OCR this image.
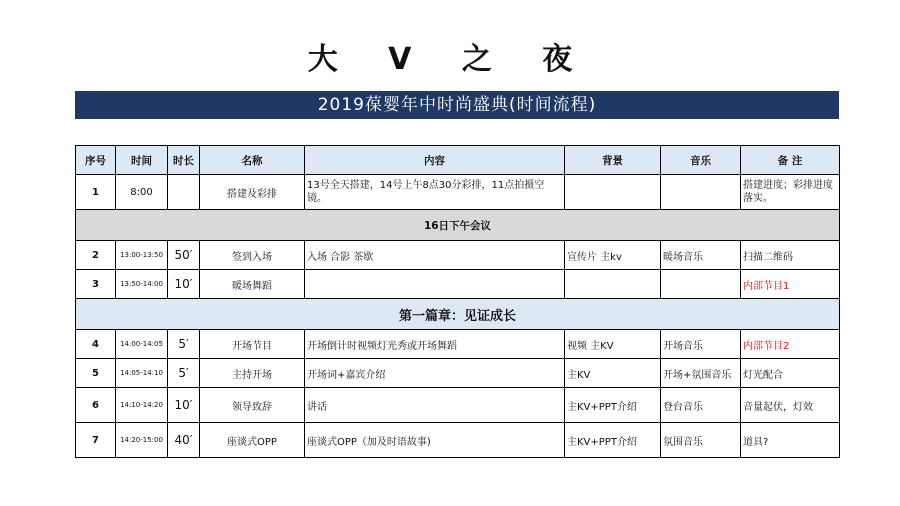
大 V 之 夜
2019葆婴年中时尚盛典(时间流程)
序号	时间	时长	名称	内容	背景	音乐	备 注
1	8:00		搭建及彩排	13号全天搭建，14号上午8点30分彩排，11点拍摄空镜。			搭建进度；彩排进度落实。
16日下午会议							
2	13:00-13:50	50′	签到入场	入场 合影 茶歇	宣传片 主kv	暖场音乐	扫描二维码
3	13:50-14:00	10′	暖场舞蹈				内部节目1
第一篇章：见证成长							
4	14:00-14:05	5′	开场节目	开场倒计时视频灯光秀或开场舞蹈	视频 主KV	开场音乐	内部节目2
5	14:05-14:10	5′	主持开场	开场词+嘉宾介绍	主KV	开场+氛围音乐	灯光配合
6	14:10-14:20	10′	领导致辞	讲话	主KV+PPT介绍	登台音乐	音量起伏，灯效
7	14:20-15:00	40′	座谈式OPP	座谈式OPP（加及时语故事)	主KV+PPT介绍	氛围音乐	道具?
